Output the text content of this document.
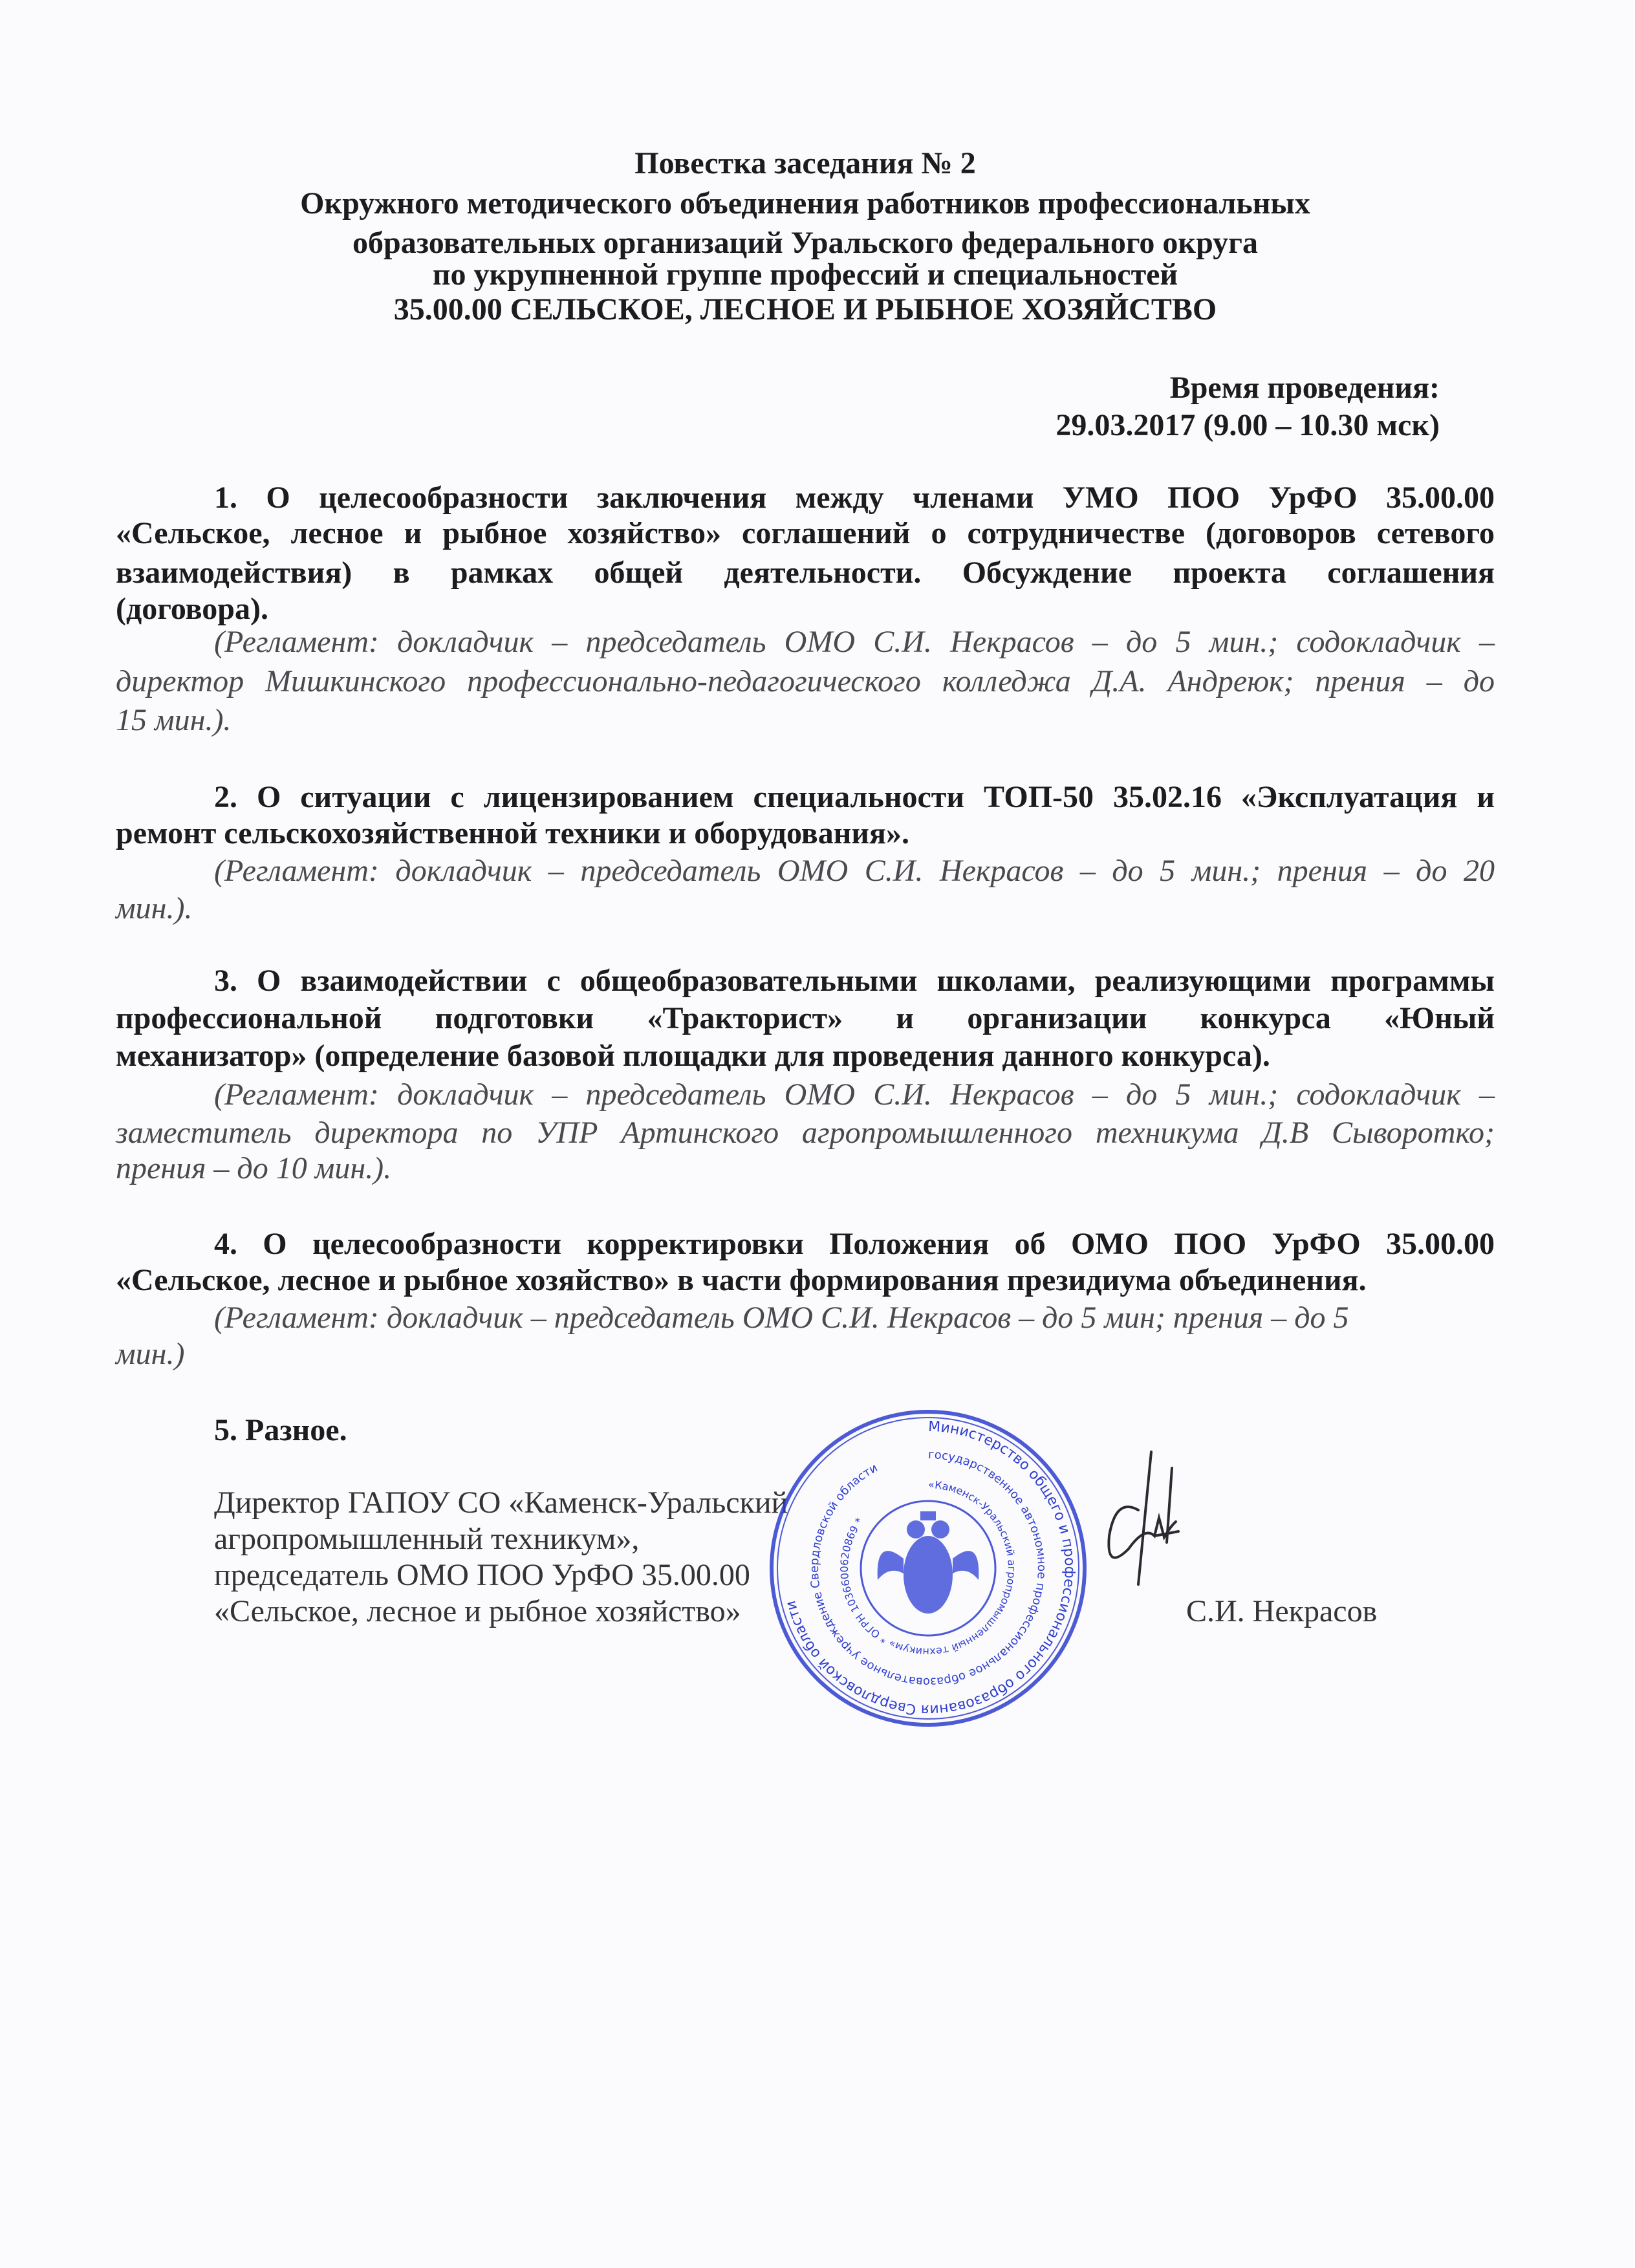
Повестка заседания № 2
Окружного методического объединения работников профессиональных
образовательных организаций Уральского федерального округа
по укрупненной группе профессий и специальностей
35.00.00 СЕЛЬСКОЕ, ЛЕСНОЕ И РЫБНОЕ ХОЗЯЙСТВО
Время проведения:
29.03.2017 (9.00 – 10.30 мск)
1. О целесообразности заключения между членами УМО ПОО УрФО 35.00.00
«Сельское, лесное и рыбное хозяйство» соглашений о сотрудничестве (договоров сетевого
взаимодействия) в рамках общей деятельности. Обсуждение проекта соглашения
(договора).
(Регламент: докладчик – председатель ОМО С.И. Некрасов – до 5 мин.; содокладчик –
директор Мишкинского профессионально-педагогического колледжа Д.А. Андреюк; прения – до
15 мин.).
2. О ситуации с лицензированием специальности ТОП-50 35.02.16 «Эксплуатация и
ремонт сельскохозяйственной техники и оборудования».
(Регламент: докладчик – председатель ОМО С.И. Некрасов – до 5 мин.; прения – до 20
мин.).
3. О взаимодействии с общеобразовательными школами, реализующими программы
профессиональной подготовки «Тракторист» и организации конкурса «Юный
механизатор» (определение базовой площадки для проведения данного конкурса).
(Регламент: докладчик – председатель ОМО С.И. Некрасов – до 5 мин.; содокладчик –
заместитель директора по УПР Артинского агропромышленного техникума Д.В Сыворотко;
прения – до 10 мин.).
4. О целесообразности корректировки Положения об ОМО ПОО УрФО 35.00.00
«Сельское, лесное и рыбное хозяйство» в части формирования президиума объединения.
(Регламент: докладчик – председатель ОМО С.И. Некрасов – до 5 мин; прения – до 5
мин.)
5. Разное.
Директор ГАПОУ СО «Каменск-Уральский
агропромышленный техникум»,
председатель ОМО ПОО УрФО 35.00.00
«Сельское, лесное и рыбное хозяйство»	С.И. Некрасов
Министерство общего и профессионального образования Свердловской области
государственное автономное профессиональное образовательное учреждение Свердловской области
«Каменск-Уральский агропромышленный техникум» * ОГРН 1036600620869 *
